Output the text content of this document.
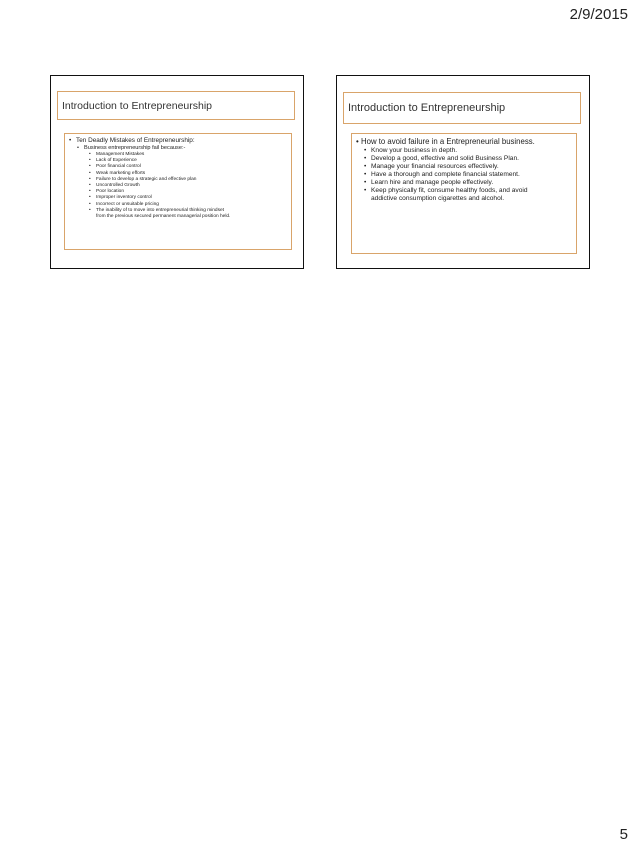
2/9/2015
Introduction to Entrepreneurship
• Ten Deadly Mistakes of Entrepreneurship:
• Business entrepreneurship fail because:-
•	Management Mistakes
•	Lack of Experience
•	Poor financial control
•	Weak marketing efforts
•	Failure to develop a strategic and effective plan
•	Uncontrolled Growth
•	Poor location
•	Improper inventory control
•	Incorrect or unsuitable pricing
•	The inability of to move into entrepreneurial thinking mindset
from the previous secured permanent managerial position held.
Introduction to Entrepreneurship
• How to avoid failure in a Entrepreneurial business.
• Know your business in depth.
• Develop a good, effective and solid Business Plan.
• Manage your financial resources effectively.
• Have a thorough and complete financial statement.
• Learn hire and manage people effectively.
• Keep physically fit, consume healthy foods, and avoid
addictive consumption cigarettes and alcohol.
5
